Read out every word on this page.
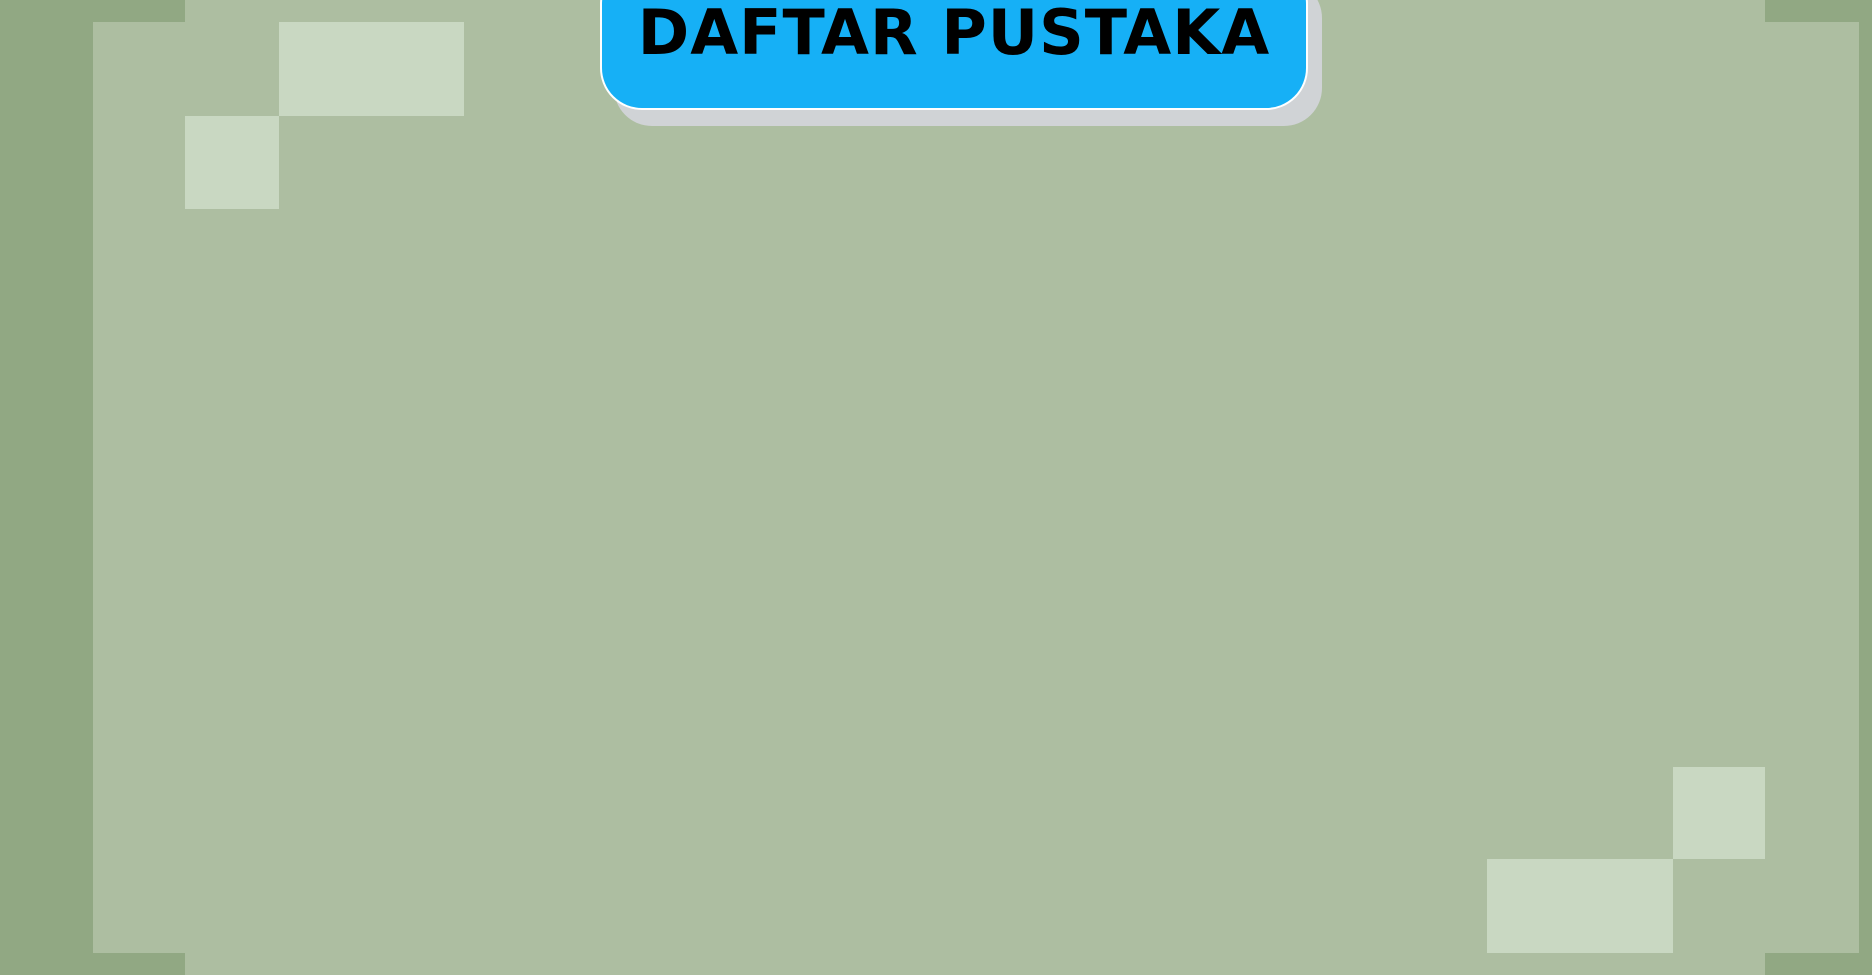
DAFTAR PUSTAKA
